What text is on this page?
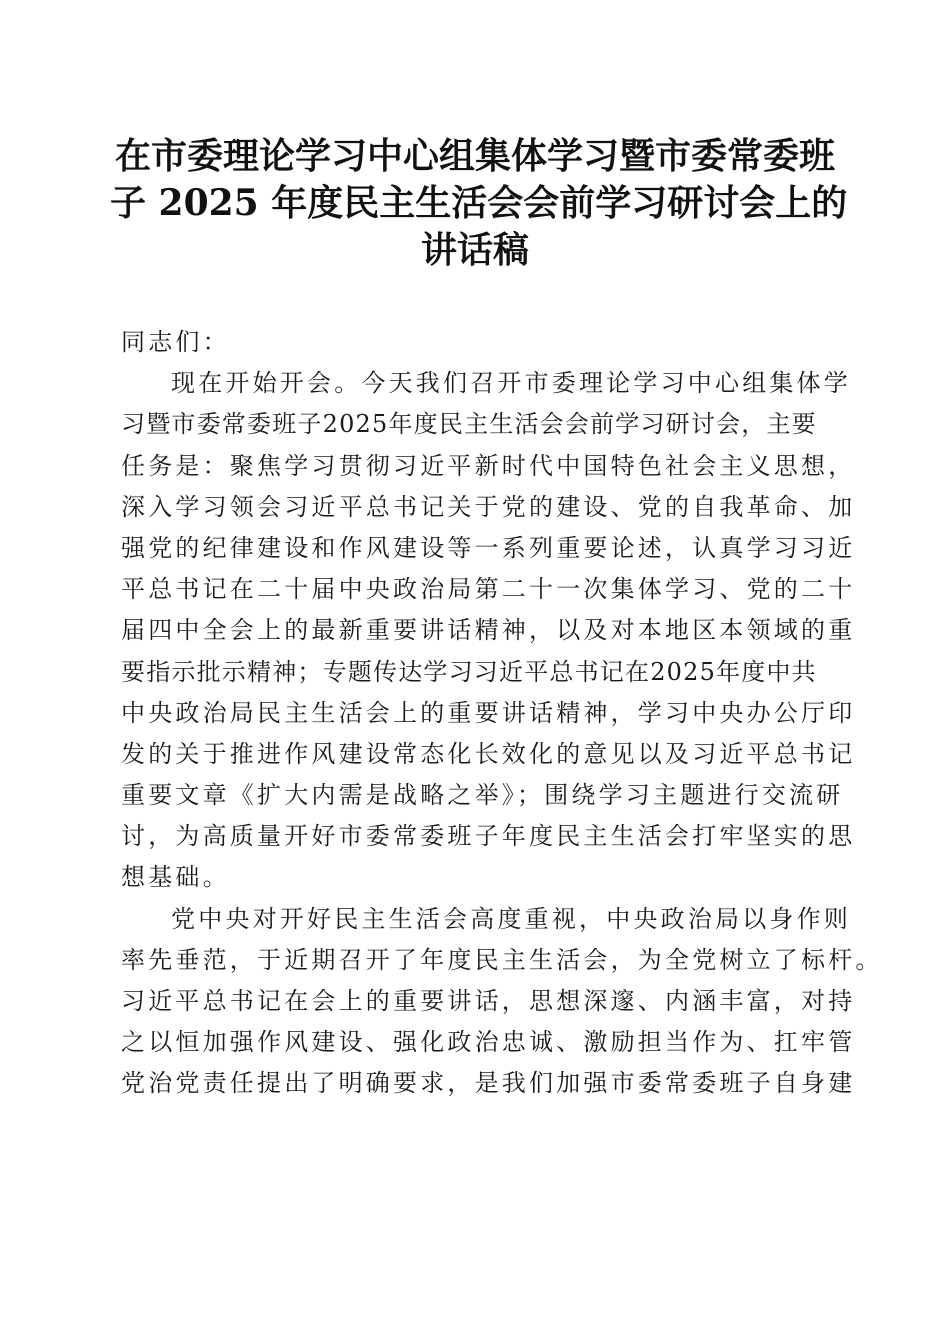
在市委理论学习中心组集体学习暨市委常委班
子 2025 年度民主生活会会前学习研讨会上的
讲话稿
同志们：
现在开始开会。今天我们召开市委理论学习中心组集体学
习暨市委常委班子2025年度民主生活会会前学习研讨会，主要
任务是：聚焦学习贯彻习近平新时代中国特色社会主义思想，
深入学习领会习近平总书记关于党的建设、党的自我革命、加
强党的纪律建设和作风建设等一系列重要论述，认真学习习近
平总书记在二十届中央政治局第二十一次集体学习、党的二十
届四中全会上的最新重要讲话精神，以及对本地区本领域的重
要指示批示精神；专题传达学习习近平总书记在2025年度中共
中央政治局民主生活会上的重要讲话精神，学习中央办公厅印
发的关于推进作风建设常态化长效化的意见以及习近平总书记
重要文章《扩大内需是战略之举》；围绕学习主题进行交流研
讨，为高质量开好市委常委班子年度民主生活会打牢坚实的思
想基础。
党中央对开好民主生活会高度重视，中央政治局以身作则
率先垂范，于近期召开了年度民主生活会，为全党树立了标杆。
习近平总书记在会上的重要讲话，思想深邃、内涵丰富，对持
之以恒加强作风建设、强化政治忠诚、激励担当作为、扛牢管
党治党责任提出了明确要求，是我们加强市委常委班子自身建
